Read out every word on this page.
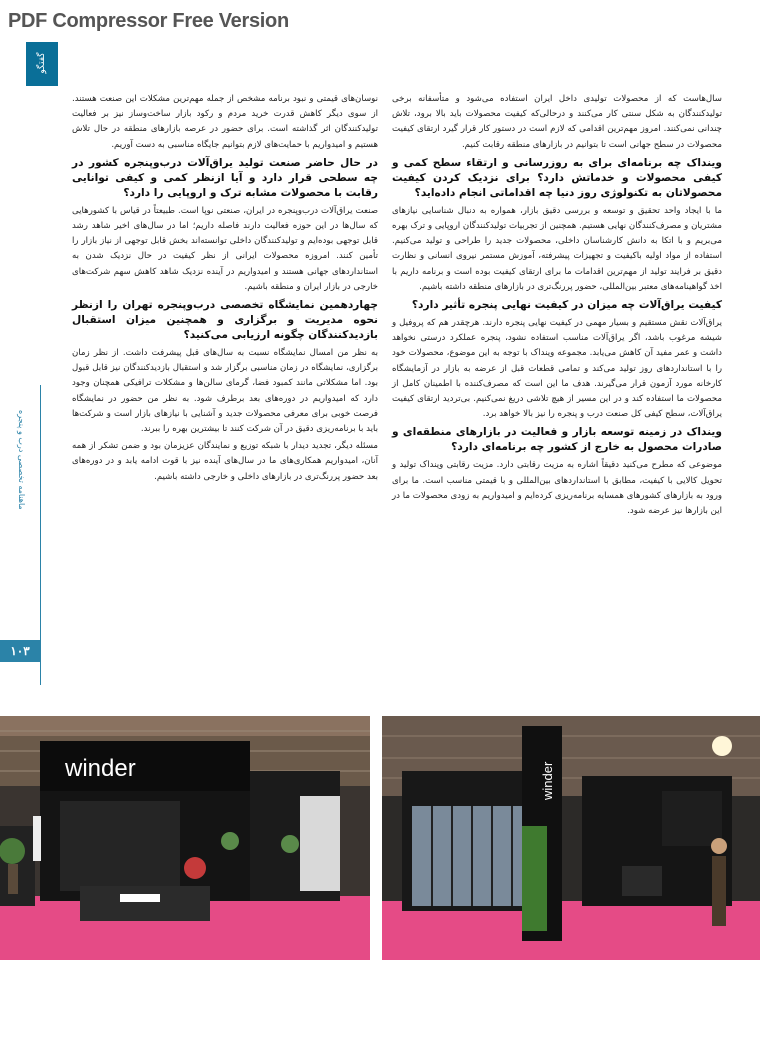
PDF Compressor Free Version
گفتگو
ماهنامه تخصصی درب و پنجره
۱۰۳

سال‌هاست که از محصولات تولیدی داخل ایران استفاده می‌شود و متأسفانه برخی تولیدکنندگان به شکل سنتی کار می‌کنند و درحالی‌که کیفیت محصولات باید بالا برود، تلاش چندانی نمی‌کنند. امروز مهم‌ترین اقدامی که لازم است در دستور کار قرار گیرد ارتقای کیفیت محصولات در سطح جهانی است تا بتوانیم در بازارهای منطقه رقابت کنیم.

وینداک چه برنامه‌ای برای به روزرسانی و ارتقاء سطح کمی و کیفی محصولات و خدماتش دارد؟ برای نزدیک کردن کیفیت محصولاتان به تکنولوژی روز دنیا چه اقداماتی انجام داده‌اید؟

ما با ایجاد واحد تحقیق و توسعه و بررسی دقیق بازار، همواره به دنبال شناسایی نیازهای مشتریان و مصرف‌کنندگان نهایی هستیم. همچنین از تجربیات تولیدکنندگان اروپایی و ترک بهره می‌بریم و با اتکا به دانش کارشناسان داخلی، محصولات جدید را طراحی و تولید می‌کنیم. استفاده از مواد اولیه باکیفیت و تجهیزات پیشرفته، آموزش مستمر نیروی انسانی و نظارت دقیق بر فرایند تولید از مهم‌ترین اقدامات ما برای ارتقای کیفیت بوده است و برنامه داریم با اخذ گواهینامه‌های معتبر بین‌المللی، حضور پررنگ‌تری در بازارهای منطقه داشته باشیم.

کیفیت یراق‌آلات چه میزان در کیفیت نهایی پنجره تأثیر دارد؟

یراق‌آلات نقش مستقیم و بسیار مهمی در کیفیت نهایی پنجره دارند. هرچقدر هم که پروفیل و شیشه مرغوب باشد، اگر یراق‌آلات مناسب استفاده نشود، پنجره عملکرد درستی نخواهد داشت و عمر مفید آن کاهش می‌یابد. مجموعه وینداک با توجه به این موضوع، محصولات خود را با استانداردهای روز تولید می‌کند و تمامی قطعات قبل از عرضه به بازار در آزمایشگاه کارخانه مورد آزمون قرار می‌گیرند. هدف ما این است که مصرف‌کننده با اطمینان کامل از محصولات ما استفاده کند و در این مسیر از هیچ تلاشی دریغ نمی‌کنیم. بی‌تردید ارتقای کیفیت یراق‌آلات، سطح کیفی کل صنعت درب و پنجره را نیز بالا خواهد برد.

وینداک در زمینه توسعه بازار و فعالیت در بازارهای منطقه‌ای و صادرات محصول به خارج از کشور چه برنامه‌ای دارد؟

موضوعی که مطرح می‌کنید دقیقاً اشاره به مزیت رقابتی دارد. مزیت رقابتی وینداک تولید و تحویل کالایی با کیفیت، مطابق با استانداردهای بین‌المللی و با قیمتی مناسب است. ما برای ورود به بازارهای کشورهای همسایه برنامه‌ریزی کرده‌ایم و امیدواریم به زودی محصولات ما در این بازارها نیز عرضه شود.

نوسان‌های قیمتی و نبود برنامه مشخص از جمله مهم‌ترین مشکلات این صنعت هستند. از سوی دیگر کاهش قدرت خرید مردم و رکود بازار ساخت‌وساز نیز بر فعالیت تولیدکنندگان اثر گذاشته است. برای حضور در عرصه بازارهای منطقه در حال تلاش هستیم و امیدواریم با حمایت‌های لازم بتوانیم جایگاه مناسبی به دست آوریم.

در حال حاضر صنعت تولید یراق‌آلات درب‌وپنجره کشور در چه سطحی قرار دارد و آیا ازنظر کمی و کیفی توانایی رقابت با محصولات مشابه ترک و اروپایی را دارد؟

صنعت یراق‌آلات درب‌وپنجره در ایران، صنعتی نوپا است. طبیعتاً در قیاس با کشورهایی که سال‌ها در این حوزه فعالیت دارند فاصله داریم؛ اما در سال‌های اخیر شاهد رشد قابل توجهی بوده‌ایم و تولیدکنندگان داخلی توانسته‌اند بخش قابل توجهی از نیاز بازار را تأمین کنند. امروزه محصولات ایرانی از نظر کیفیت در حال نزدیک شدن به استانداردهای جهانی هستند و امیدواریم در آینده نزدیک شاهد کاهش سهم شرکت‌های خارجی در بازار ایران و منطقه باشیم.

چهاردهمین نمایشگاه تخصصی درب‌وپنجره تهران را ازنظر نحوه مدیریت و برگزاری و همچنین میزان استقبال بازدیدکنندگان چگونه ارزیابی می‌کنید؟

به نظر من امسال نمایشگاه نسبت به سال‌های قبل پیشرفت داشت. از نظر زمان برگزاری، نمایشگاه در زمان مناسبی برگزار شد و استقبال بازدیدکنندگان نیز قابل قبول بود. اما مشکلاتی مانند کمبود فضا، گرمای سالن‌ها و مشکلات ترافیکی همچنان وجود دارد که امیدواریم در دوره‌های بعد برطرف شود. به نظر من حضور در نمایشگاه فرصت خوبی برای معرفی محصولات جدید و آشنایی با نیازهای بازار است و شرکت‌ها باید با برنامه‌ریزی دقیق در آن شرکت کنند تا بیشترین بهره را ببرند.

مسئله دیگر، تجدید دیدار با شبکه توزیع و نمایندگان عزیزمان بود و ضمن تشکر از همه آنان، امیدواریم همکاری‌های ما در سال‌های آینده نیز با قوت ادامه یابد و در دوره‌های بعد حضور پررنگ‌تری در بازارهای داخلی و خارجی داشته باشیم.

winder	winder
